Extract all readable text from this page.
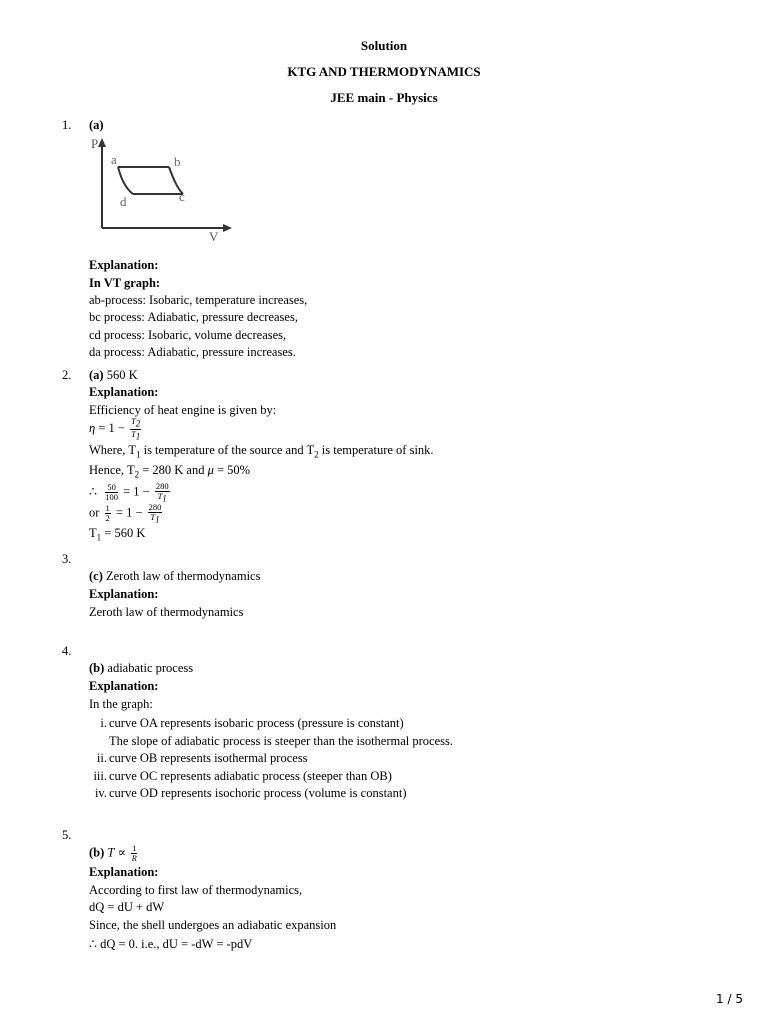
Solution
KTG AND THERMODYNAMICS
JEE main - Physics
1. (a)
P
V
a	b
c
d
Explanation:
In VT graph:
ab-process: Isobaric, temperature increases,
bc process: Adiabatic, pressure decreases,
cd process: Isobaric, volume decreases,
da process: Adiabatic, pressure increases.
2. (a) 560 K
Explanation:
Efficiency of heat engine is given by:
$\eta = 1 - \frac{T_2}{T_1}$
Where, $T_1$ is temperature of the source and $T_2$ is temperature of sink.
Hence, $T_2 = 280$ K and μ = 50%
∴ $\frac{50}{100} = 1 - \frac{280}{T_1}$
or $\frac{1}{2} = 1 - \frac{280}{T_1}$
$T_1 = 560$ K
3.
(c) Zeroth law of thermodynamics
Explanation:
Zeroth law of thermodynamics
4.
(b) adiabatic process
Explanation:
In the graph:
i. curve OA represents isobaric process (pressure is constant)
The slope of adiabatic process is steeper than the isothermal process.
ii. curve OB represents isothermal process
iii. curve OC represents adiabatic process (steeper than OB)
iv. curve OD represents isochoric process (volume is constant)
5.
(b) $T \propto \frac{1}{R}$
Explanation:
According to first law of thermodynamics,
dQ = dU + dW
Since, the shell undergoes an adiabatic expansion
∴ dQ = 0. i.e., dU = -dW = -pdV
1 / 5
